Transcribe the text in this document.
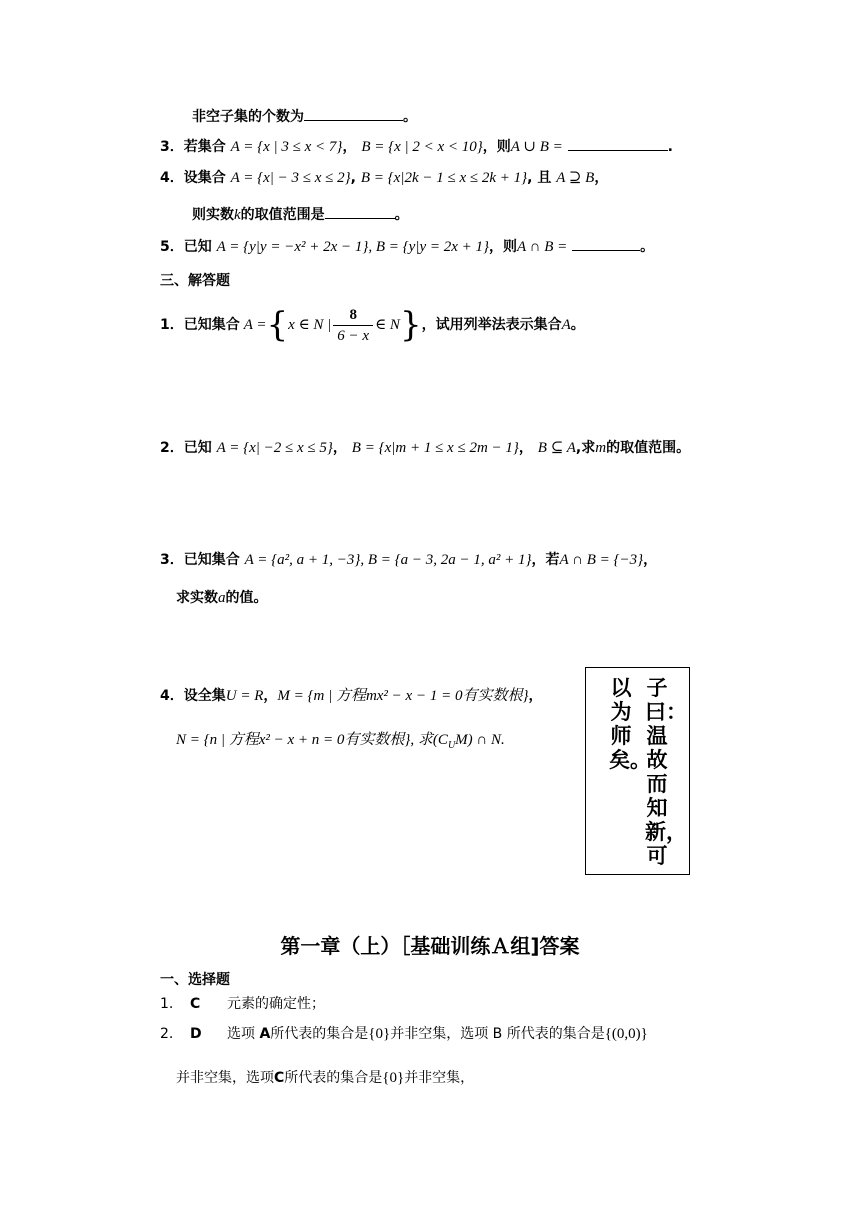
非空子集的个数为	。
3．若集合 A = {x | 3 ≤ x < 7}， B = {x | 2 < x < 10}，则A ∪ B =	.
4．设集合 A = {x| − 3 ≤ x ≤ 2}, B = {x|2k − 1 ≤ x ≤ 2k + 1}, 且 A ⊇ B，
则实数k的取值范围是	。
5．已知 A = {y|y = −x² + 2x − 1}, B = {y|y = 2x + 1}，则A ∩ B =	。
三、解答题
1． 已知集合 A = { x ∈ N | $\frac{8}{6 - x}$ ∈ N } ，试用列举法表示集合 A 。
2．已知 A = {x| −2 ≤ x ≤ 5}， B = {x|m + 1 ≤ x ≤ 2m − 1}， B ⊆ A,求m的取值范围。
3．已知集合 A = {a², a + 1, −3}, B = {a − 3, 2a − 1, a² + 1}，若A ∩ B = {−3}，
求实数a的值。
4．设全集U = R，M = {m | 方程mx² − x − 1 = 0有实数根}，
N = {n | 方程x² − x + n = 0有实数根}, 求$(C_UM)$ ∩ N.
子曰：温故而知新，可
以为师矣。
第一章（上）［基础训练Ａ组]答案
一、选择题
1. C 元素的确定性；
2. D 选项 A所代表的集合是{0}并非空集，选项 B 所代表的集合是{(0,0)}
并非空集，选项C所代表的集合是{0}并非空集，
